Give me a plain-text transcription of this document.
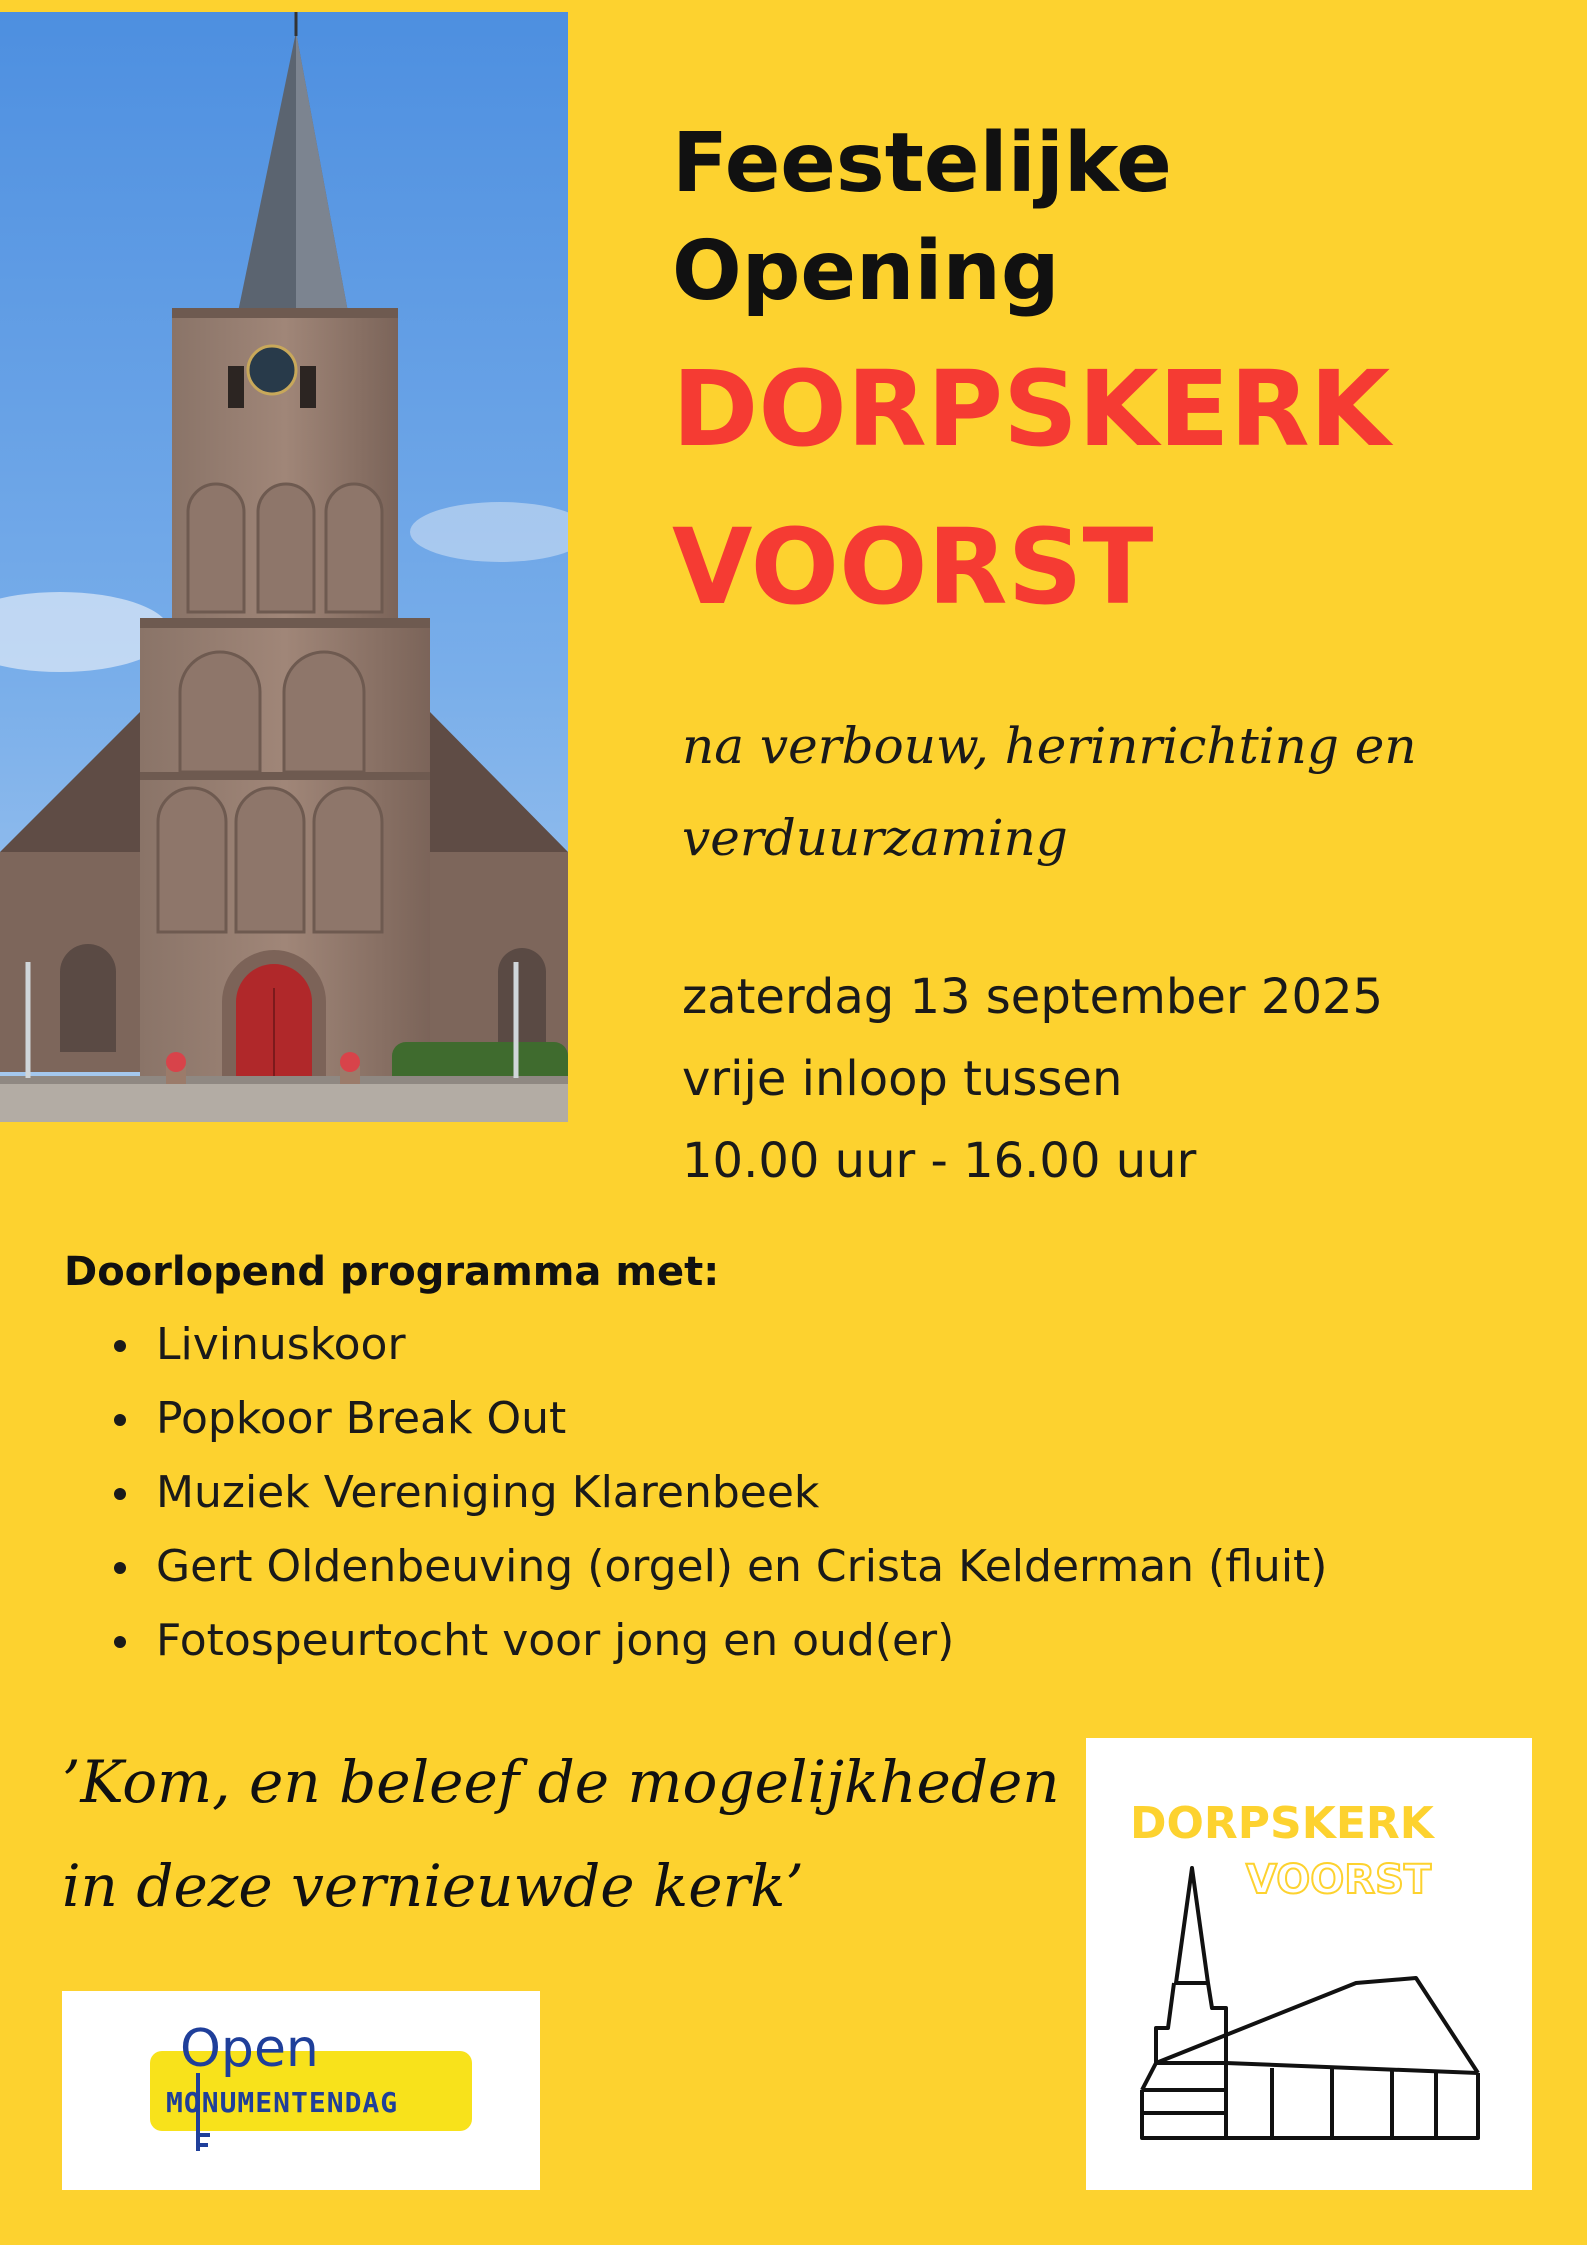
Feestelijke
Opening
DORPSKERK
VOORST
na verbouw, herinrichting en
verduurzaming
zaterdag 13 september 2025
vrije inloop tussen
10.00 uur - 16.00 uur
Doorlopend programma met:
Livinuskoor
Popkoor Break Out
Muziek Vereniging Klarenbeek
Gert Oldenbeuving (orgel) en Crista Kelderman (fluit)
Fotospeurtocht voor jong en oud(er)
’Kom, en beleef de mogelijkheden
in deze vernieuwde kerk’
Open
MONUMENTENDAG
DORPSKERK
VOORST
